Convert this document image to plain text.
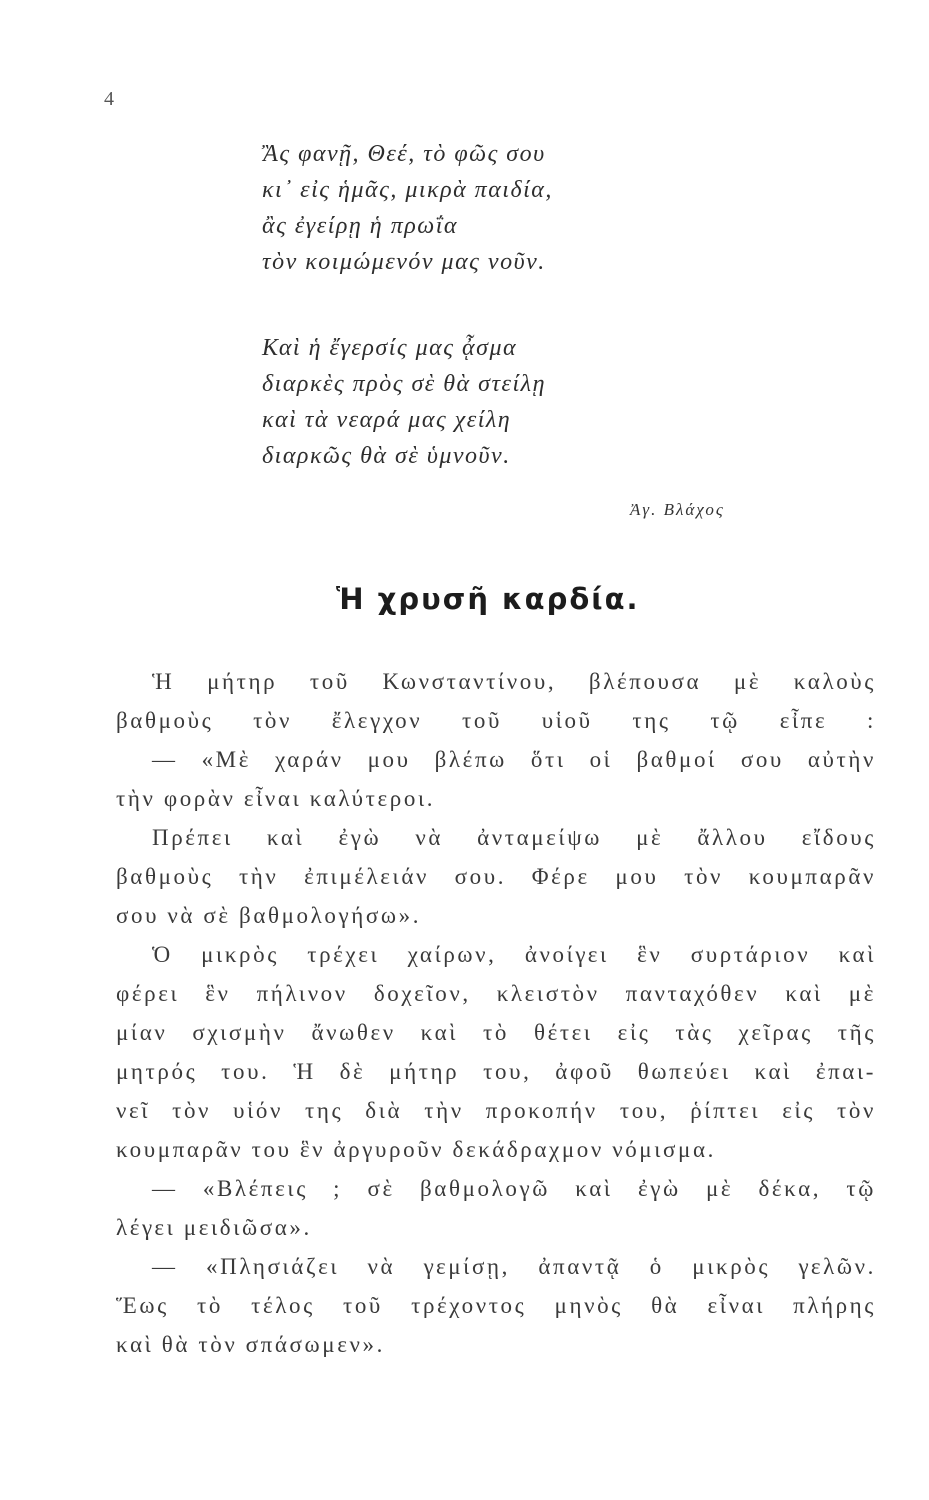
4
Ἂς φανῇ, Θεέ, τὸ φῶς σου
κι᾽ εἰς ἡμᾶς, μικρὰ παιδία,
ἂς ἐγείρῃ ἡ πρωΐα
τὸν κοιμώμενόν μας νοῦν.
Καὶ ἡ ἔγερσίς μας ᾆσμα
διαρκὲς πρὸς σὲ θὰ στείλῃ
καὶ τὰ νεαρά μας χείλη
διαρκῶς θὰ σὲ ὑμνοῦν.
Ἀγ. Βλάχος
Ἡ χρυσῆ καρδία.
Ἡ μήτηρ τοῦ Κωνσταντίνου, βλέπουσα μὲ καλοὺς
βαθμοὺς τὸν ἔλεγχον τοῦ υἱοῦ της τῷ εἶπε :
— «Μὲ χαράν μου βλέπω ὅτι οἱ βαθμοί σου αὐτὴν
τὴν φορὰν εἶναι καλύτεροι.
Πρέπει καὶ ἐγὼ νὰ ἀνταμείψω μὲ ἄλλου εἴδους
βαθμοὺς τὴν ἐπιμέλειάν σου. Φέρε μου τὸν κουμπαρᾶν
σου νὰ σὲ βαθμολογήσω».
Ὁ μικρὸς τρέχει χαίρων, ἀνοίγει ἓν συρτάριον καὶ
φέρει ἓν πήλινον δοχεῖον, κλειστὸν πανταχόθεν καὶ μὲ
μίαν σχισμὴν ἄνωθεν καὶ τὸ θέτει εἰς τὰς χεῖρας τῆς
μητρός του. Ἡ δὲ μήτηρ του, ἀφοῦ θωπεύει καὶ ἐπαι-
νεῖ τὸν υἱόν της διὰ τὴν προκοπήν του, ῥίπτει εἰς τὸν
κουμπαρᾶν του ἓν ἀργυροῦν δεκάδραχμον νόμισμα.
— «Βλέπεις ; σὲ βαθμολογῶ καὶ ἐγὼ μὲ δέκα, τῷ
λέγει μειδιῶσα».
— «Πλησιάζει νὰ γεμίσῃ, ἀπαντᾷ ὁ μικρὸς γελῶν.
Ἕως τὸ τέλος τοῦ τρέχοντος μηνὸς θὰ εἶναι πλήρης
καὶ θὰ τὸν σπάσωμεν».
